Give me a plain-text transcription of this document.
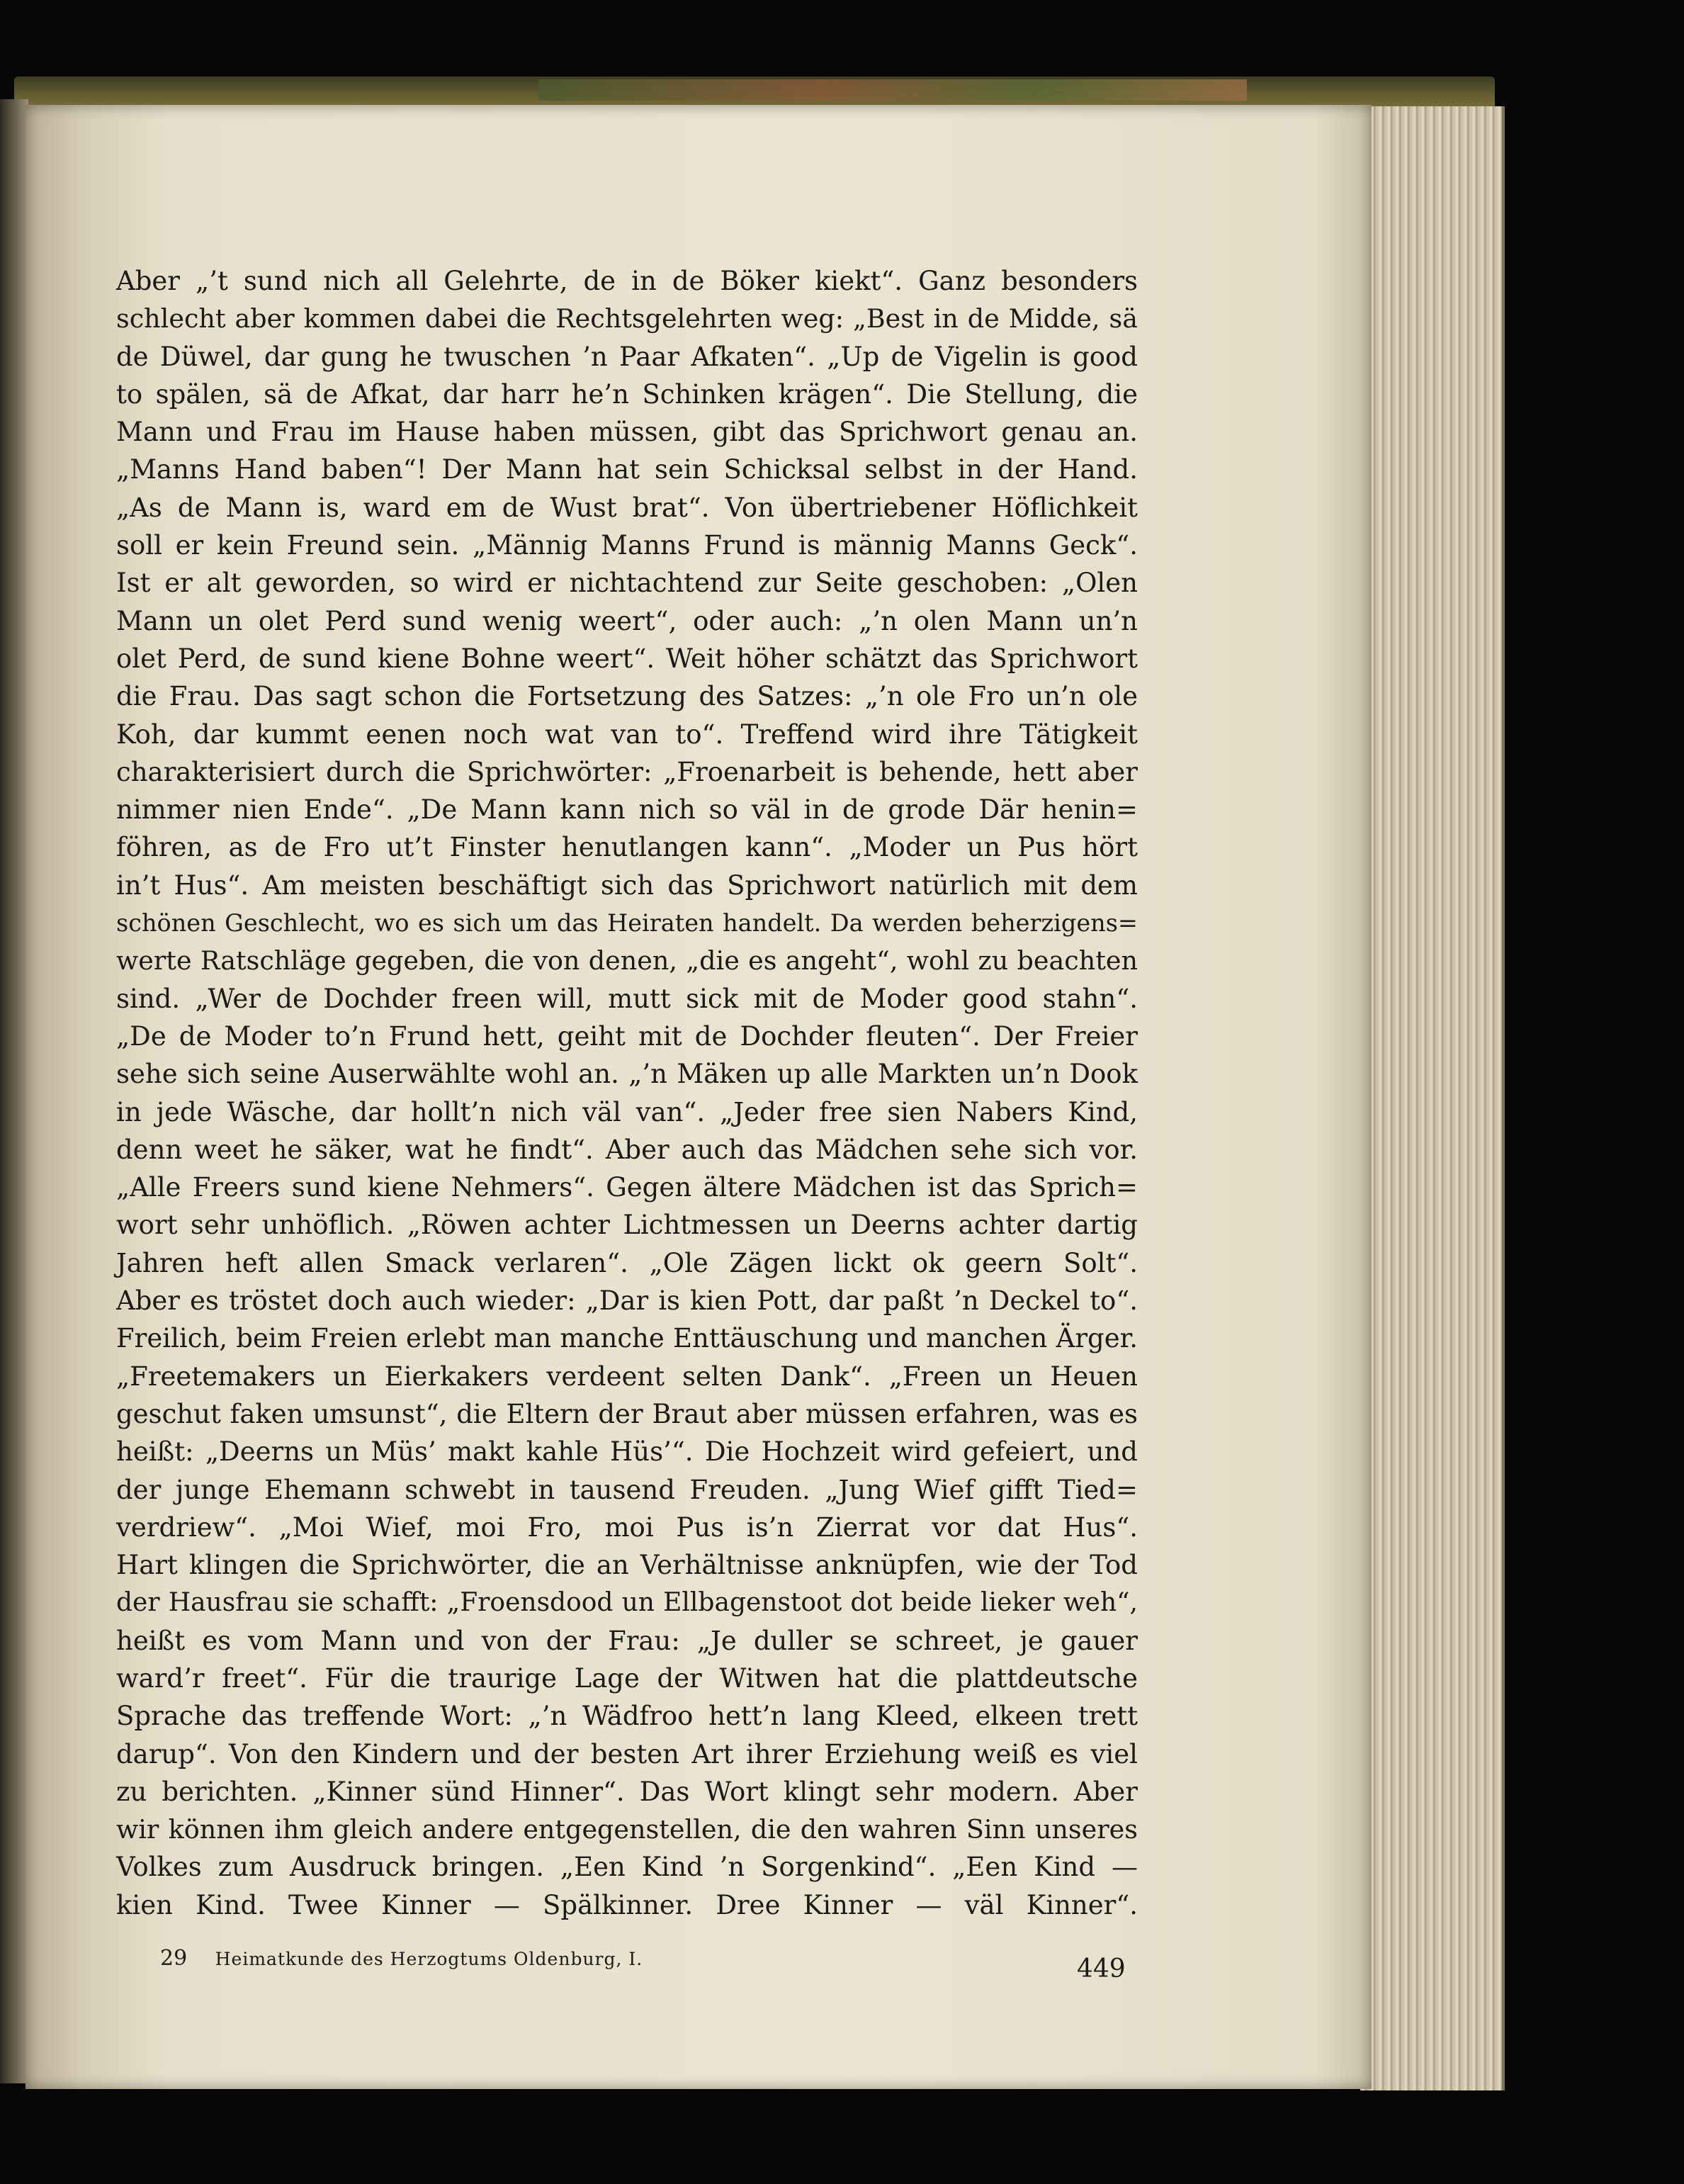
Aber „’t sund nich all Gelehrte, de in de Böker kiekt“. Ganz besonders
schlecht aber kommen dabei die Rechtsgelehrten weg: „Best in de Midde, sä
de Düwel, dar gung he twuschen ’n Paar Afkaten“. „Up de Vigelin is good
to spälen, sä de Afkat, dar harr he’n Schinken krägen“. Die Stellung, die
Mann und Frau im Hause haben müssen, gibt das Sprichwort genau an.
„Manns Hand baben“! Der Mann hat sein Schicksal selbst in der Hand.
„As de Mann is, ward em de Wust brat“. Von übertriebener Höflichkeit
soll er kein Freund sein. „Männig Manns Frund is männig Manns Geck“.
Ist er alt geworden, so wird er nichtachtend zur Seite geschoben: „Olen
Mann un olet Perd sund wenig weert“, oder auch: „’n olen Mann un’n
olet Perd, de sund kiene Bohne weert“. Weit höher schätzt das Sprichwort
die Frau. Das sagt schon die Fortsetzung des Satzes: „’n ole Fro un’n ole
Koh, dar kummt eenen noch wat van to“. Treffend wird ihre Tätigkeit
charakterisiert durch die Sprichwörter: „Froenarbeit is behende, hett aber
nimmer nien Ende“. „De Mann kann nich so väl in de grode Där henin=
föhren, as de Fro ut’t Finster henutlangen kann“. „Moder un Pus hört
in’t Hus“. Am meisten beschäftigt sich das Sprichwort natürlich mit dem
schönen Geschlecht, wo es sich um das Heiraten handelt. Da werden beherzigens=
werte Ratschläge gegeben, die von denen, „die es angeht“, wohl zu beachten
sind. „Wer de Dochder freen will, mutt sick mit de Moder good stahn“.
„De de Moder to’n Frund hett, geiht mit de Dochder fleuten“. Der Freier
sehe sich seine Auserwählte wohl an. „’n Mäken up alle Markten un’n Dook
in jede Wäsche, dar hollt’n nich väl van“. „Jeder free sien Nabers Kind,
denn weet he säker, wat he findt“. Aber auch das Mädchen sehe sich vor.
„Alle Freers sund kiene Nehmers“. Gegen ältere Mädchen ist das Sprich=
wort sehr unhöflich. „Röwen achter Lichtmessen un Deerns achter dartig
Jahren heft allen Smack verlaren“. „Ole Zägen lickt ok geern Solt“.
Aber es tröstet doch auch wieder: „Dar is kien Pott, dar paßt ’n Deckel to“.
Freilich, beim Freien erlebt man manche Enttäuschung und manchen Ärger.
„Freetemakers un Eierkakers verdeent selten Dank“. „Freen un Heuen
geschut faken umsunst“, die Eltern der Braut aber müssen erfahren, was es
heißt: „Deerns un Müs’ makt kahle Hüs’“. Die Hochzeit wird gefeiert, und
der junge Ehemann schwebt in tausend Freuden. „Jung Wief gifft Tied=
verdriew“. „Moi Wief, moi Fro, moi Pus is’n Zierrat vor dat Hus“.
Hart klingen die Sprichwörter, die an Verhältnisse anknüpfen, wie der Tod
der Hausfrau sie schafft: „Froensdood un Ellbagenstoot dot beide lieker weh“,
heißt es vom Mann und von der Frau: „Je duller se schreet, je gauer
ward’r freet“. Für die traurige Lage der Witwen hat die plattdeutsche
Sprache das treffende Wort: „’n Wädfroo hett’n lang Kleed, elkeen trett
darup“. Von den Kindern und der besten Art ihrer Erziehung weiß es viel
zu berichten. „Kinner sünd Hinner“. Das Wort klingt sehr modern. Aber
wir können ihm gleich andere entgegenstellen, die den wahren Sinn unseres
Volkes zum Ausdruck bringen. „Een Kind ’n Sorgenkind“. „Een Kind —
kien Kind. Twee Kinner — Spälkinner. Dree Kinner — väl Kinner“.
29 Heimatkunde des Herzogtums Oldenburg, I.	449
